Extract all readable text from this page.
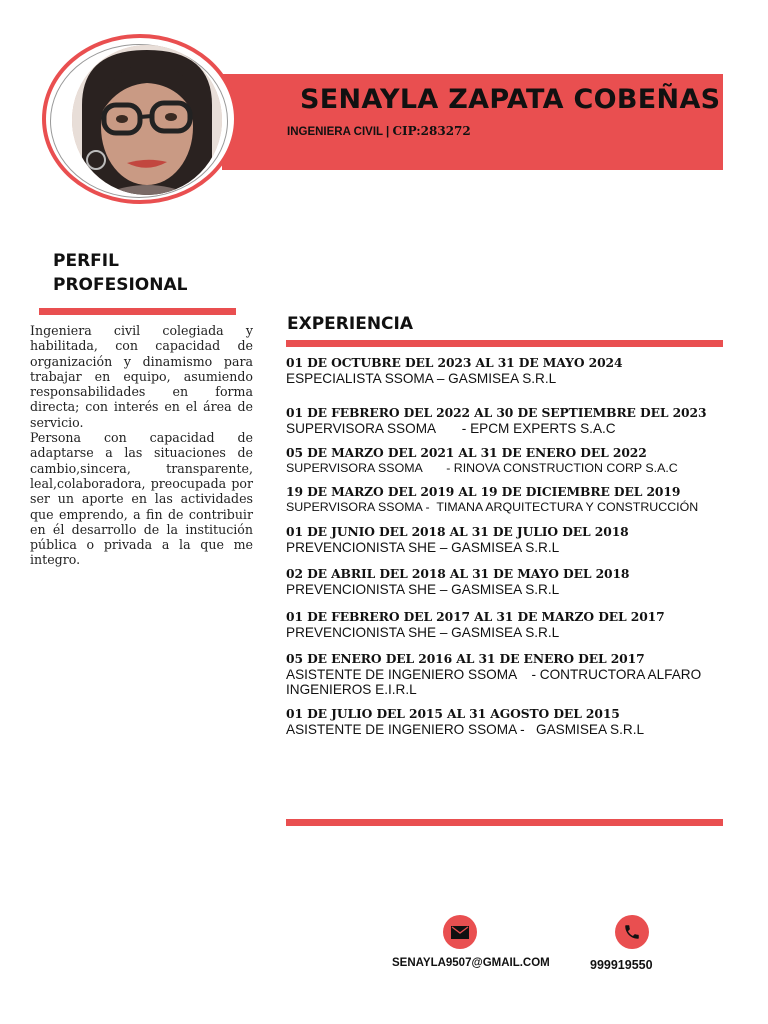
SENAYLA ZAPATA COBEÑAS
INGENIERA CIVIL | CIP:283272
PERFIL
PROFESIONAL

Ingeniera civil colegiada y habilitada, con capacidad de organización y dinamismo para trabajar en equipo, asumiendo responsabilidades en forma directa; con interés en el área de servicio.

Persona con capacidad de adaptarse a las situaciones de cambio,sincera, transparente, leal,colaboradora, preocupada por ser un aporte en las actividades que emprendo, a fin de contribuir en él desarrollo de la institución pública o privada a la que me integro.

EXPERIENCIA
01 DE OCTUBRE DEL 2023 AL 31 DE MAYO 2024
ESPECIALISTA SSOMA – GASMISEA S.R.L
01 DE FEBRERO DEL 2022 AL 30 DE SEPTIEMBRE DEL 2023
SUPERVISORA SSOMA       - EPCM EXPERTS S.A.C
05 DE MARZO DEL 2021 AL 31 DE ENERO DEL 2022
SUPERVISORA SSOMA       - RINOVA CONSTRUCTION CORP S.A.C
19 DE MARZO DEL 2019 AL 19 DE DICIEMBRE DEL 2019
SUPERVISORA SSOMA -  TIMANA ARQUITECTURA Y CONSTRUCCIÓN
01 DE JUNIO DEL 2018 AL 31 DE JULIO DEL 2018
PREVENCIONISTA SHE – GASMISEA S.R.L
02 DE ABRIL DEL 2018 AL 31 DE MAYO DEL 2018
PREVENCIONISTA SHE – GASMISEA S.R.L
01 DE FEBRERO DEL 2017 AL 31 DE MARZO DEL 2017
PREVENCIONISTA SHE – GASMISEA S.R.L
05 DE ENERO DEL 2016 AL 31 DE ENERO DEL 2017
ASISTENTE DE INGENIERO SSOMA    - CONTRUCTORA ALFARO
INGENIEROS E.I.R.L
01 DE JULIO DEL 2015 AL 31 AGOSTO DEL 2015
ASISTENTE DE INGENIERO SSOMA -   GASMISEA S.R.L
SENAYLA9507@GMAIL.COM	999919550
